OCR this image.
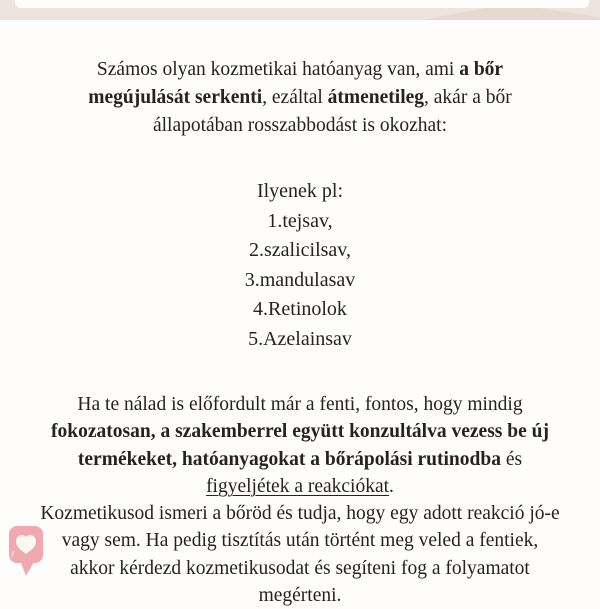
Számos olyan kozmetikai hatóanyag van, ami a bőr
megújulását serkenti, ezáltal átmenetileg, akár a bőr
állapotában rosszabbodást is okozhat:
Ilyenek pl:
1.tejsav,
2.szalicilsav,
3.mandulasav
4.Retinolok
5.Azelainsav
Ha te nálad is előfordult már a fenti, fontos, hogy mindig
fokozatosan, a szakemberrel együtt konzultálva vezess be új
termékeket, hatóanyagokat a bőrápolási rutinodba és
figyeljétek a reakciókat.
Kozmetikusod ismeri a bőröd és tudja, hogy egy adott reakció jó-e
vagy sem. Ha pedig tisztítás után történt meg veled a fentiek,
akkor kérdezd kozmetikusodat és segíteni fog a folyamatot
megérteni.
